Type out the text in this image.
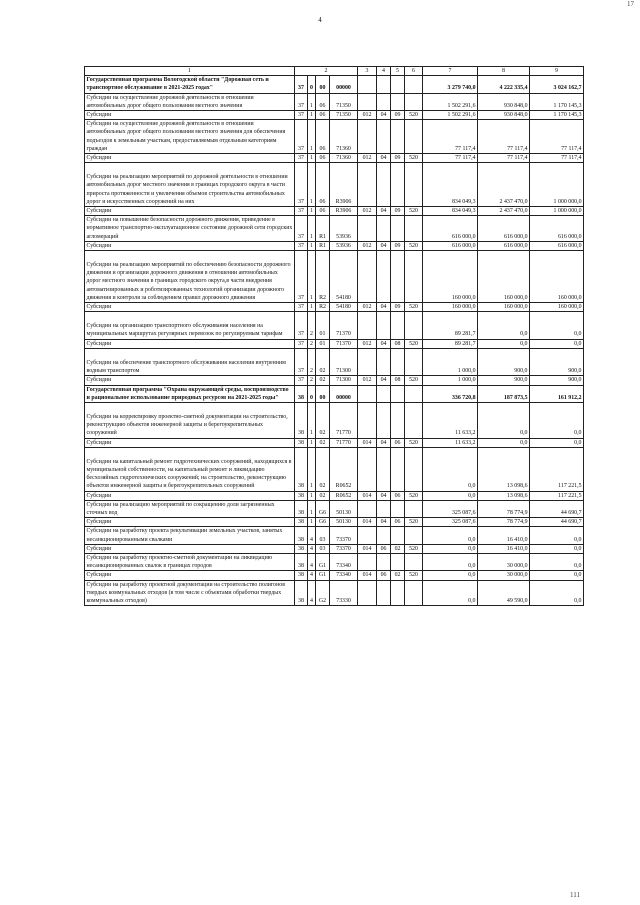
17
4
1	2				3	4	5	6	7	8	9
Государственная программа Вологодской области "Дорожная сеть и транспортное обслуживание в 2021-2025 годах"	37	0	00	00000					3 279 740,0	4 222 335,4	3 024 162,7
Субсидии на осуществление дорожной деятельности в отношении автомобильных дорог общего пользования местного значения	37	1	06	71350					1 502 291,6	930 848,0	1 170 145,3
Субсидии	37	1	06	71350	012	04	09	520	1 502 291,6	930 848,0	1 170 145,3
Субсидии на осуществление дорожной деятельности в отношении автомобильных дорог общего пользования местного значения для обеспечения подъездов к земельным участкам, предоставляемым отдельным категориям граждан	37	1	06	71360					77 117,4	77 117,4	77 117,4
Субсидии	37	1	06	71360	012	04	09	520	77 117,4	77 117,4	77 117,4
Субсидии на реализацию мероприятий по дорожной деятельности в отношении автомобильных дорог местного значения в границах городского округа в части прироста протяженности и увеличения объемов строительства автомобильных дорог и искусственных сооружений на них	37	1	06	R3906					834 049,3	2 437 470,0	1 000 000,0
Субсидии	37	1	06	R3906	012	04	09	520	834 049,3	2 437 470,0	1 000 000,0
Субсидии на повышение безопасности дорожного движения, приведение в нормативное транспортно-эксплуатационное состояние дорожной сети городских агломераций	37	1	R1	53936					616 000,0	616 000,0	616 000,0
Субсидии	37	1	R1	53936	012	04	09	520	616 000,0	616 000,0	616 000,0
Субсидии на реализацию мероприятий по обеспечению безопасности дорожного движения и организации дорожного движения в отношении автомобильных дорог местного значения в границах городского округа,в части внедрения автоматизированных и роботизированных технологий организации дорожного движения и контроля за соблюдением правил дорожного движения	37	1	R2	54180					160 000,0	160 000,0	160 000,0
Субсидии	37	1	R2	54180	012	04	09	520	160 000,0	160 000,0	160 000,0
Субсидии на организацию транспортного обслуживания населения на муниципальных маршрутах регулярных перевозок по регулируемым тарифам	37	2	01	71370					89 281,7	0,0	0,0
Субсидии	37	2	01	71370	012	04	08	520	89 281,7	0,0	0,0
Субсидии на обеспечение транспортного обслуживания населения внутренним водным транспортом	37	2	02	71300					1 000,0	900,0	900,0
Субсидии	37	2	02	71300	012	04	08	520	1 000,0	900,0	900,0
Государственная программа "Охрана окружающей среды, воспроизводство и рациональное использование природных ресурсов на 2021-2025 годы"	38	0	00	00000					336 720,8	187 873,5	161 912,2
Субсидии на корректировку проектно-сметной документации на строительство, реконструкцию объектов инженерной защиты и берегоукрепительных сооружений	38	1	02	71770					11 633,2	0,0	0,0
Субсидии	38	1	02	71770	014	04	06	520	11 633,2	0,0	0,0
Субсидии на капитальный ремонт гидротехнических сооружений, находящихся в муниципальной собственности, на капитальный ремонт и ликвидацию бесхозяйных гидротехнических сооружений; на строительство, реконструкцию объектов инженерной защиты и берегоукрепительных сооружений	38	1	02	R0652					0,0	13 098,6	117 221,5
Субсидии	38	1	02	R0652	014	04	06	520	0,0	13 098,6	117 221,5
Субсидии на реализацию мероприятий по сокращению доли загрязненных сточных вод	38	1	G6	50130					325 087,6	78 774,9	44 690,7
Субсидии	38	1	G6	50130	014	04	06	520	325 087,6	78 774,9	44 690,7
Субсидии на разработку проекта рекультивации земельных участков, занятых несанкционированными свалками	38	4	03	73370					0,0	16 410,0	0,0
Субсидии	38	4	03	73370	014	06	02	520	0,0	16 410,0	0,0
Субсидии на разработку проектно-сметной документации на ликвидацию несанкционированных свалок в границах городов	38	4	G1	73340					0,0	30 000,0	0,0
Субсидии	38	4	G1	73340	014	06	02	520	0,0	30 000,0	0,0
Субсидии на разработку проектной документации на строительство полигонов твердых коммунальных отходов (в том числе с объектами обработки твердых коммунальных отходов)	38	4	G2	73330					0,0	49 590,0	0,0
111
